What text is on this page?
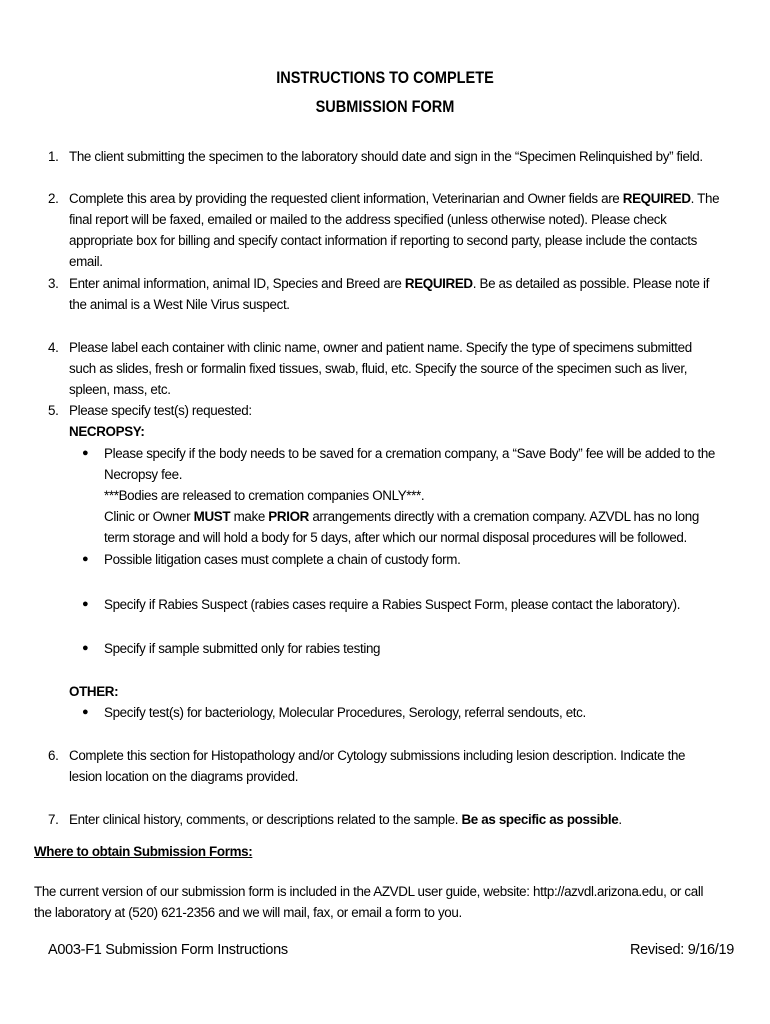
INSTRUCTIONS TO COMPLETE
SUBMISSION FORM
1. The client submitting the specimen to the laboratory should date and sign in the “Specimen Relinquished by” field.
2. Complete this area by providing the requested client information, Veterinarian and Owner fields are REQUIRED. The final report will be faxed, emailed or mailed to the address specified (unless otherwise noted). Please check appropriate box for billing and specify contact information if reporting to second party, please include the contacts email.
3. Enter animal information, animal ID, Species and Breed are REQUIRED. Be as detailed as possible. Please note if the animal is a West Nile Virus suspect.
4. Please label each container with clinic name, owner and patient name. Specify the type of specimens submitted such as slides, fresh or formalin fixed tissues, swab, fluid, etc. Specify the source of the specimen such as liver, spleen, mass, etc.
5. Please specify test(s) requested:
NECROPSY:
●	Please specify if the body needs to be saved for a cremation company, a “Save Body” fee will be added to the Necropsy fee.
***Bodies are released to cremation companies ONLY***.
Clinic or Owner MUST make PRIOR arrangements directly with a cremation company. AZVDL has no long term storage and will hold a body for 5 days, after which our normal disposal procedures will be followed.
●	Possible litigation cases must complete a chain of custody form.
●	Specify if Rabies Suspect (rabies cases require a Rabies Suspect Form, please contact the laboratory).
●	Specify if sample submitted only for rabies testing
OTHER:
●	Specify test(s) for bacteriology, Molecular Procedures, Serology, referral sendouts, etc.
6. Complete this section for Histopathology and/or Cytology submissions including lesion description. Indicate the lesion location on the diagrams provided.
7. Enter clinical history, comments, or descriptions related to the sample. Be as specific as possible.
Where to obtain Submission Forms:
The current version of our submission form is included in the AZVDL user guide, website: http://azvdl.arizona.edu, or call the laboratory at (520) 621-2356 and we will mail, fax, or email a form to you.
A003-F1 Submission Form Instructions	Revised: 9/16/19
